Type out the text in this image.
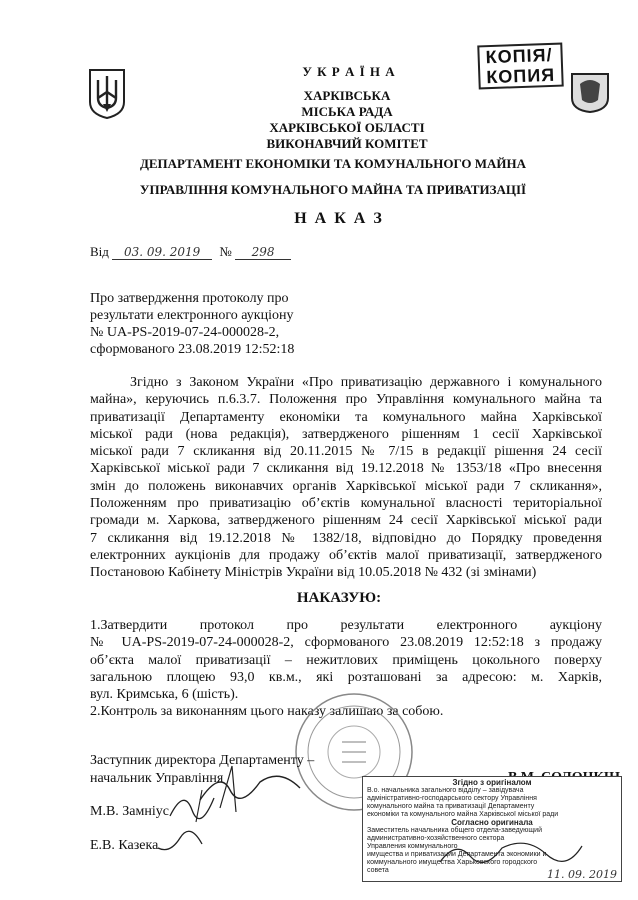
КОПІЯ/
КОПИЯ
У К Р А Ї Н А
ХАРКІВСЬКА
МІСЬКА РАДА
ХАРКІВСЬКОЇ ОБЛАСТІ
ВИКОНАВЧИЙ КОМІТЕТ
ДЕПАРТАМЕНТ ЕКОНОМІКИ ТА КОМУНАЛЬНОГО МАЙНА
УПРАВЛІННЯ КОМУНАЛЬНОГО МАЙНА ТА ПРИВАТИЗАЦІЇ
Н А К А З
Від 03. 09. 2019 № 298
Про затвердження протоколу про
результати електронного аукціону
№ UA-PS-2019-07-24-000028-2,
сформованого 23.08.2019 12:52:18
Згідно з Законом України «Про приватизацію державного і комунального
майна», керуючись п.6.3.7. Положення про Управління комунального майна та
приватизації Департаменту економіки та комунального майна Харківської
міської ради (нова редакція), затвердженого рішенням 1 сесії Харківської
міської ради 7 скликання від 20.11.2015 № 7/15 в редакції рішення 24 сесії
Харківської міської ради 7 скликання від 19.12.2018 № 1353/18 «Про внесення
змін до положень виконавчих органів Харківської міської ради 7 скликання»,
Положенням про приватизацію об’єктів комунальної власності територіальної
громади м. Харкова, затвердженого рішенням 24 сесії Харківської міської ради
7 скликання від 19.12.2018 № 1382/18, відповідно до Порядку проведення
електронних аукціонів для продажу об’єктів малої приватизації, затвердженого
Постановою Кабінету Міністрів України від 10.05.2018 № 432 (зі змінами)
НАКАЗУЮ:
1.Затвердити протокол про результати електронного аукціону
№ UA-PS-2019-07-24-000028-2, сформованого 23.08.2019 12:52:18 з продажу
об’єкта малої приватизації – нежитлових приміщень цокольного поверху
загальною площею 93,0 кв.м., які розташовані за адресою: м. Харків,
вул. Кримська, 6 (шість).
2.Контроль за виконанням цього наказу залишаю за собою.
Заступник директора Департаменту –
начальник Управління
М.В. Замніус
Е.В. Казека
Згідно з оригіналом
В.о. начальника загального відділу – завідувача
адміністративно-господарського сектору Управління
комунального майна та приватизації Департаменту
економіки та комунального майна Харківської міської ради
Согласно оригинала
Заместитель начальника общего отдела-заведующий
административно-хозяйственного сектора
Управления коммунального
имущества и приватизации Департамента экономики и
коммунального имущества Харьковского городского
совета	11. 09. 2019
